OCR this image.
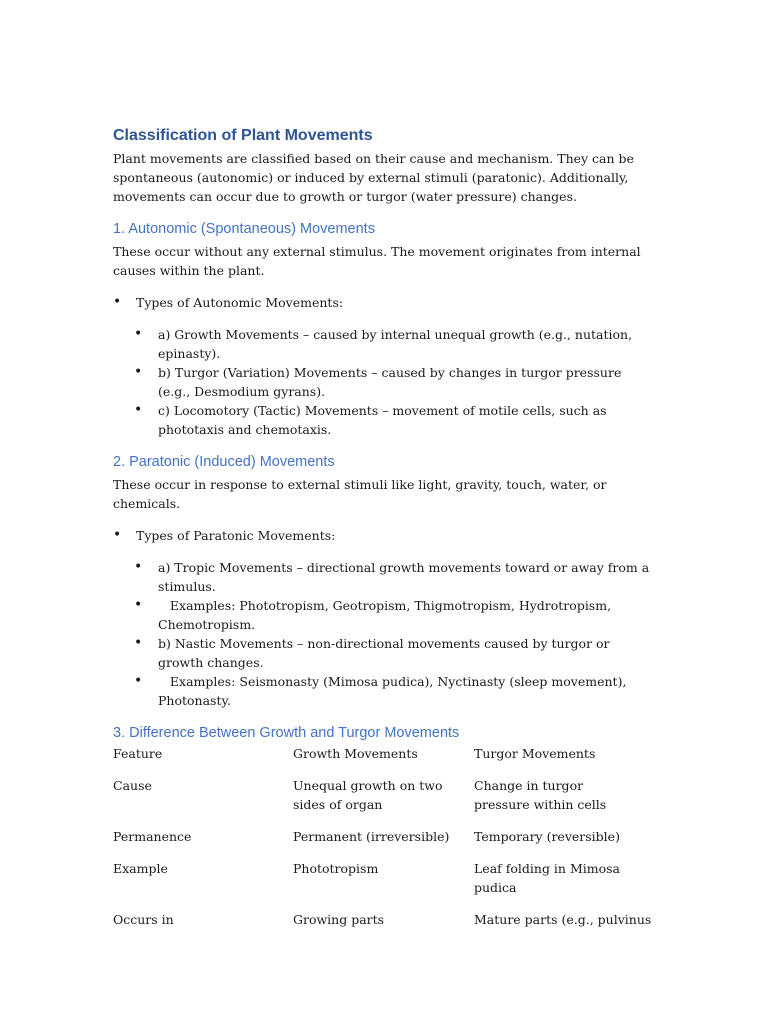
Classification of Plant Movements

Plant movements are classified based on their cause and mechanism. They can be spontaneous (autonomic) or induced by external stimuli (paratonic). Additionally, movements can occur due to growth or turgor (water pressure) changes.

1. Autonomic (Spontaneous) Movements

These occur without any external stimulus. The movement originates from internal causes within the plant.

• Types of Autonomic Movements:
• a) Growth Movements – caused by internal unequal growth (e.g., nutation, epinasty).
• b) Turgor (Variation) Movements – caused by changes in turgor pressure (e.g., Desmodium gyrans).
• c) Locomotory (Tactic) Movements – movement of motile cells, such as phototaxis and chemotaxis.
2. Paratonic (Induced) Movements

These occur in response to external stimuli like light, gravity, touch, water, or chemicals.

• Types of Paratonic Movements:
• a) Tropic Movements – directional growth movements toward or away from a stimulus.
•    Examples: Phototropism, Geotropism, Thigmotropism, Hydrotropism, Chemotropism.
• b) Nastic Movements – non-directional movements caused by turgor or growth changes.
•    Examples: Seismonasty (Mimosa pudica), Nyctinasty (sleep movement), Photonasty.
3. Difference Between Growth and Turgor Movements
Feature	Growth Movements	Turgor Movements
Cause	Unequal growth on two sides of organ	Change in turgor pressure within cells
Permanence	Permanent (irreversible)	Temporary (reversible)
Example	Phototropism	Leaf folding in Mimosa pudica
Occurs in	Growing parts	Mature parts (e.g., pulvinus
